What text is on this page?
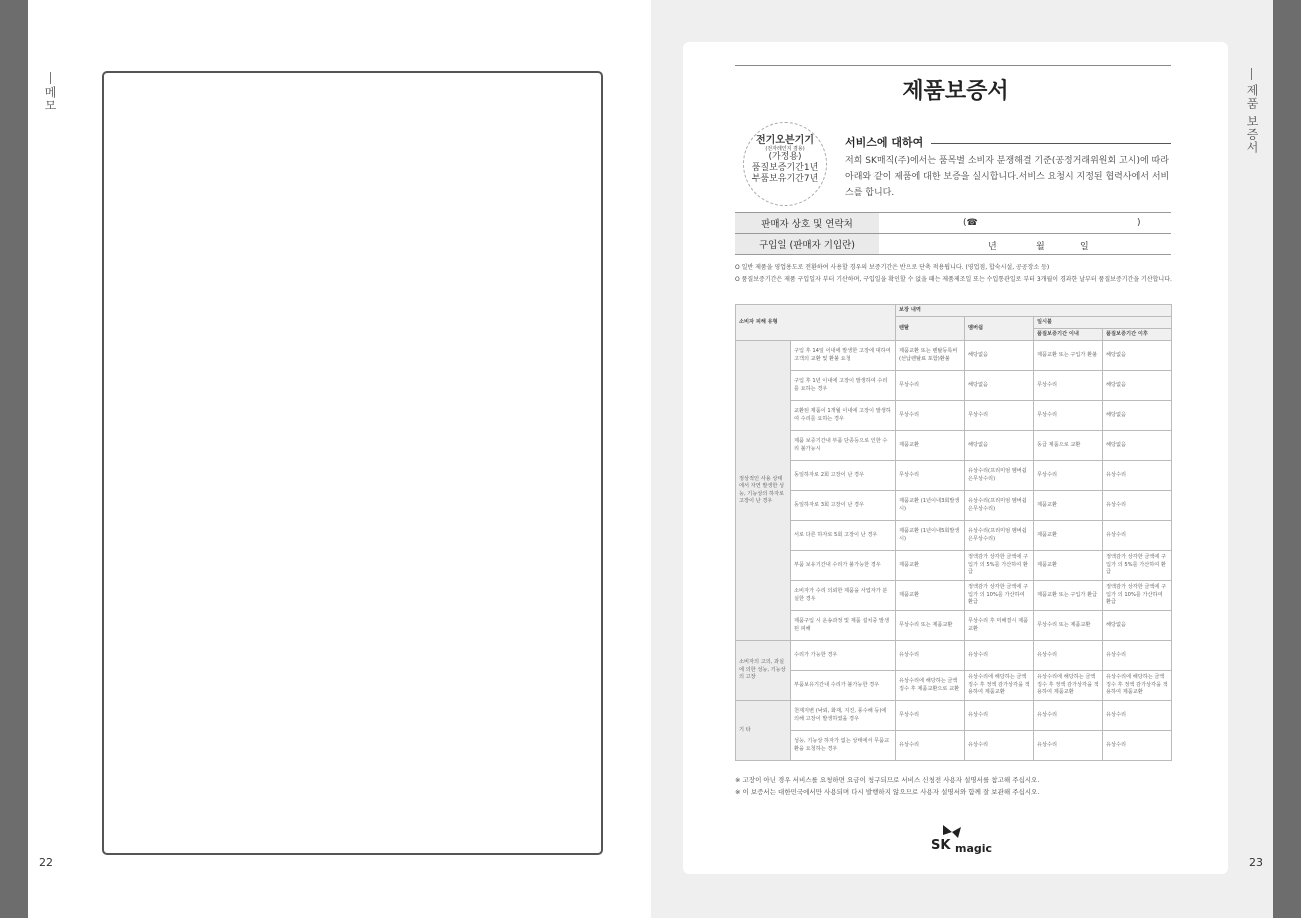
메모
22
제품 보증서
23
제품보증서
전기오븐기기
(전자레인지 겸용)
(가정용)
품질보증기간1년
부품보유기간7년
서비스에 대하여
저희 SK매직(주)에서는 품목별 소비자 분쟁해결 기준(공정거래위원회 고시)에 따라 아래와 같이 제품에 대한 보증을 실시합니다.서비스 요청시 지정된 협력사에서 서비스를 합니다.
판매자 상호 및 연락처	(☎ )

구입일 (판매자 기입란)	년 월 일
O 일반 제품을 영업용도로 전환하여 사용할 경우의 보증기간은 반으로 단축 적용됩니다. (영업점, 합숙시설, 공공장소 등)
O 품질보증기간은 제품 구입일자 부터 기산하며, 구입일을 확인할 수 없을 때는 제품제조일 또는 수입통관일로 부터 3개월이 경과한 날부터 품질보증기간을 기산합니다.
소비자 피해 유형		보장 내역			
		렌탈	멤버쉽	일시불	
				품질보증기간 이내	품질보증기간 이후
정상적인 사용 상태에서 자연 발생한 성능, 기능상의 하자로 고장이 난 경우	구입 후 14일 이내에 발생한 고장에 대하여 고객의 교환 및 환불 요청	제품교환 또는 렌탈등록비 (선납렌탈료 포함)환불	해당없음	제품교환 또는 구입가 환불	해당없음
	구입 후 1년 이내에 고장이 발생하여 수리를 요하는 경우	무상수리	해당없음	무상수리	해당없음
	교환된 제품이 1개월 이내에 고장이 발생하여 수리를 요하는 경우	무상수리	무상수리	무상수리	해당없음
	제품 보증기간내 부품 단종등으로 인한 수리 불가능시	제품교환	해당없음	동급 제품으로 교환	해당없음
	동일하자로 2회 고장이 난 경우	무상수리	유상수리(프리미엄 멤버쉽은무상수리)	무상수리	유상수리
	동일하자로 3회 고장이 난 경우	제품교환 (1년이내3회발생시)	유상수리(프리미엄 멤버쉽은무상수리)	제품교환	유상수리
	서로 다른 하자로 5회 고장이 난 경우	제품교환 (1년이내5회발생시)	유상수리(프리미엄 멤버쉽은무상수리)	제품교환	유상수리
	부품 보유기간내 수리가 불가능한 경우	제품교환	정액감가 상각한 금액에 구입가 의 5%를 가산하여 환급	제품교환	정액감가 상각한 금액에 구입가 의 5%를 가산하여 환급
	소비자가 수리 의뢰한 제품을 사업자가 분실한 경우	제품교환	정액감가 상각한 금액에 구입가 의 10%를 가산하여 환급	제품교환 또는 구입가 환급	정액감가 상각한 금액에 구입가 의 10%를 가산하여 환급
	제품구입 시 운송과정 및 제품 설치중 발생된 피해	무상수리 또는 제품교환	무상수리 후 미해결시 제품교환	무상수리 또는 제품교환	해당없음
소비자의 고의, 과실에 의한 성능, 기능상의 고장	수리가 가능한 경우	유상수리	유상수리	유상수리	유상수리
	부품보유기간내 수리가 불가능한 경우	유상수리에 해당하는 금액징수 후 제품교환으로 교환	유상수리에 해당하는 금액 징수 후 정액 감가상각을 적용하여 제품교환	유상수리에 해당하는 금액 징수 후 정액 감가상각을 적용하여 제품교환	유상수리에 해당하는 금액 징수 후 정액 감가상각을 적용하여 제품교환
기 타	천재지변 (낙뢰, 화재, 지진, 풍수해 등)에 의해 고장이 발생하였을 경우	무상수리	유상수리	유상수리	유상수리
	성능, 기능상 하자가 없는 상태에서 무품교환을 요청하는 경우	유상수리	유상수리	유상수리	유상수리
※ 고장이 아닌 경우 서비스를 요청하면 요금이 청구되므로 서비스 신청전 사용자 설명서를 참고해 주십시오.
※ 이 보증서는 대한민국에서만 사용되며 다시 발행하지 않으므로 사용자 설명서와 함께 잘 보관해 주십시오.
SK magic
